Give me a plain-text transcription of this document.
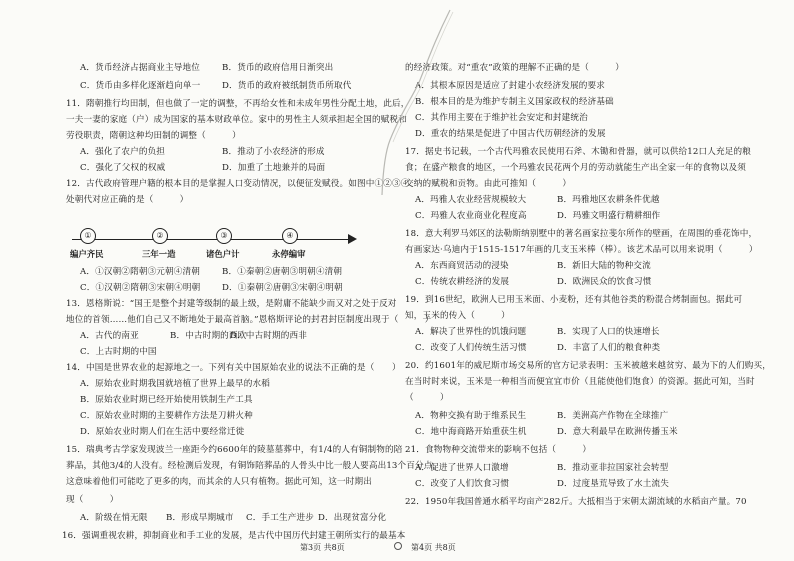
A．货币经济占据商业主导地位	B．货币的政府信用日渐突出
C．货币由多样化逐渐趋向单一	D．货币的政府被纸制货币所取代
11．隋朝推行均田制，但也做了一定的调整，不再给女性和未成年男性分配土地，此后，
一夫一妻的家庭（户）成为国家的基本财政单位。家中的男性主人须承担起全国的赋税和
劳役职责，隋朝这种均田制的调整（　　　）
A．强化了农户的负担	B．推动了小农经济的形成
C．强化了父权的权威	D．加重了土地兼并的局面
12．古代政府管理户籍的根本目的是掌握人口变动情况，以便征发赋役。如图中①②③④
处朝代对应正确的是（　　　）
A．①汉朝②隋朝③元朝④清朝	B．①秦朝②唐朝③明朝④清朝
C．①汉朝②隋朝③宋朝④明朝	D．①秦朝②唐朝③宋朝④明朝
13．恩格斯说：“国王是整个封建等级制的最上级，是附庸不能缺少而又对之处于反对
地位的首领……他们自己又不断地处于最高首脑。”恩格斯评论的封君封臣制度出现于（　　　）
A．古代的南亚	B．中古时期的西欧
C．上古时期的中国
D．中古时期的西非
14．中国是世界农业的起源地之一。下列有关中国原始农业的说法不正确的是（　　）
A．原始农业时期我国就培植了世界上最早的水稻
B．原始农业时期已经开始使用铁制生产工具
C．原始农业时期的主要耕作方法是刀耕火种
D．原始农业时期人们在生活中要经常迁徙
15．瑞典考古学家发现波兰一座距今约6600年的陵墓墓葬中，有1/4的人有铜制物的陪
葬品，其他3/4的人没有。经检测后发现，有铜饰陪葬品的人骨头中比一般人要高出13个百分点，
这意味着他们可能吃了更多的肉，而其余的人只有植物。据此可知，这一时期出
现（　　　）
A．阶级在悄无限 B．形成早期城市 C．手工生产进步 D．出现贫富分化
16．强调重视农耕，抑制商业和手工业的发展，是古代中国历代封建王朝所实行的最基本
第3页 共8页
①
编户齐民
②
三年一造
③
诸色户计
④
永停编审
的经济政策。对“重农”政策的理解不正确的是（　　　）
A．其根本原因是适应了封建小农经济发展的要求
B．根本目的是为维护专制主义国家政权的经济基础
C．其作用主要在于维护社会安定和封建统治
D．重农的结果是促进了中国古代历朝经济的发展
17．据史书记载，一个古代玛雅农民使用石斧、木锄和骨器，就可以供给12口人充足的粮
食；在盛产粮食的地区，一个玛雅农民花两个月的劳动就能生产出全家一年的食物以及须
交纳的赋税和贡物。由此可推知（　　　）
A．玛雅人农业经营规模较大	B．玛雅地区农耕条件优越
C．玛雅人农业商业化程度高	D．玛雅文明盛行精耕细作
18．意大利罗马郊区的法勒斯纳别墅中的著名画家拉斐尔所作的壁画，在周围的垂花饰中，
有画家达·乌迪内于1515-1517年画的几支玉米棒（棒）。该艺术品可以用来说明（　　　）
A．东西商贸活动的浸染	B．新旧大陆的物种交流
C．传统农耕经济的发展	D．欧洲民众的饮食习惯
19．到16世纪，欧洲人已用玉米面、小麦粉，还有其他谷类的粉混合烤制面包。据此可
知，玉米的传入（　　　）
A．解决了世界性的饥饿问题	B．实现了人口的快速增长
C．改变了人们传统生活习惯	D．丰富了人们的粮食种类
20．约1601年的威尼斯市场交易所的官方记录表明：玉米被越来越贫穷、最为下的人们购买，
在当时时来说，玉米是一种相当而便宜宜市价（且能使他们饱食）的资源。据此可知，当时
（　　　）
A．物种交换有助于维系民生	B．美洲高产作物在全球推广
C．地中海商路开始重获生机	D．意大利最早在欧洲传播玉米
21．食物物种交流带来的影响不包括（　　　）
A．促进了世界人口激增	B．推动亚非拉国家社会转型
C．改变了人们饮食习惯	D．过度垦荒导致了水土流失
22．1950年我国普通水稻平均亩产282斤。大抵相当于宋朝太湖流域的水稻亩产量。70
第4页 共8页
